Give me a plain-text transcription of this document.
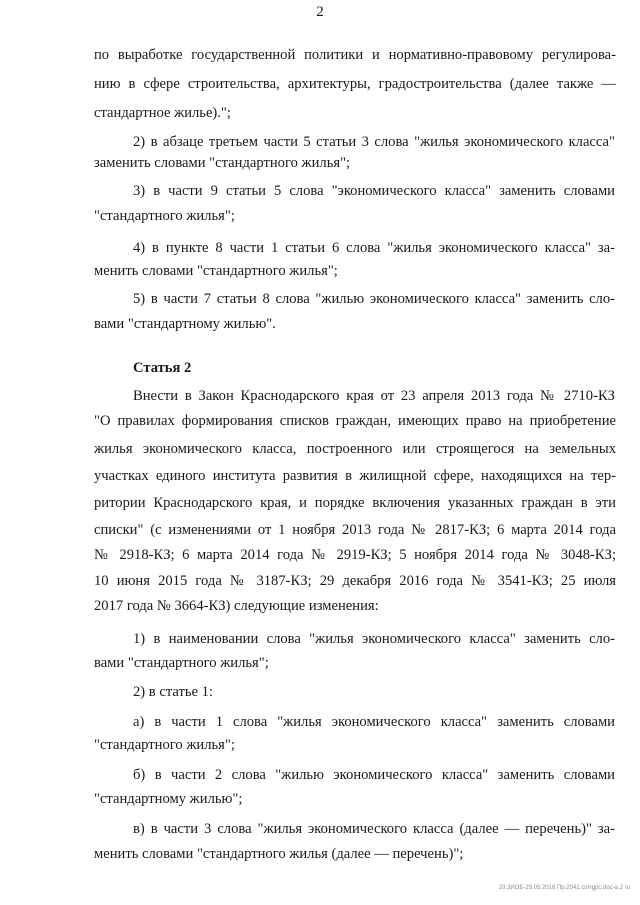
2
по выработке государственной политики и нормативно-правовому регулирова-
нию в сфере строительства, архитектуры, градостроительства (далее также —
стандартное жилье).";
2) в абзаце третьем части 5 статьи 3 слова "жилья экономического класса"
заменить словами "стандартного жилья";
3) в части 9 статьи 5 слова "экономического класса" заменить словами
"стандартного жилья";
4) в пункте 8 части 1 статьи 6 слова "жилья экономического класса" за-
менить словами "стандартного жилья";
5) в части 7 статьи 8 слова "жилью экономического класса" заменить сло-
вами "стандартному жилью".
Статья 2
Внести в Закон Краснодарского края от 23 апреля 2013 года № 2710-КЗ
"О правилах формирования списков граждан, имеющих право на приобретение
жилья экономического класса, построенного или строящегося на земельных
участках единого института развития в жилищной сфере, находящихся на тер-
ритории Краснодарского края, и порядке включения указанных граждан в эти
списки" (с изменениями от 1 ноября 2013 года № 2817-КЗ; 6 марта 2014 года
№ 2918-КЗ; 6 марта 2014 года № 2919-КЗ; 5 ноября 2014 года № 3048-КЗ;
10 июня 2015 года № 3187-КЗ; 29 декабря 2016 года № 3541-КЗ; 25 июля
2017 года № 3664-КЗ) следующие изменения:
1) в наименовании слова "жилья экономического класса" заменить сло-
вами "стандартного жилья";
2) в статье 1:
а) в части 1 слова "жилья экономического класса" заменить словами
"стандартного жилья";
б) в части 2 слова "жилью экономического класса" заменить словами
"стандартному жилью";
в) в части 3 слова "жилья экономического класса (далее — перечень)" за-
менить словами "стандартного жилья (далее — перечень)";
20.3ИОБ-29.05.2018 Пр.2041.corrgpc.doc-a.2 ru
